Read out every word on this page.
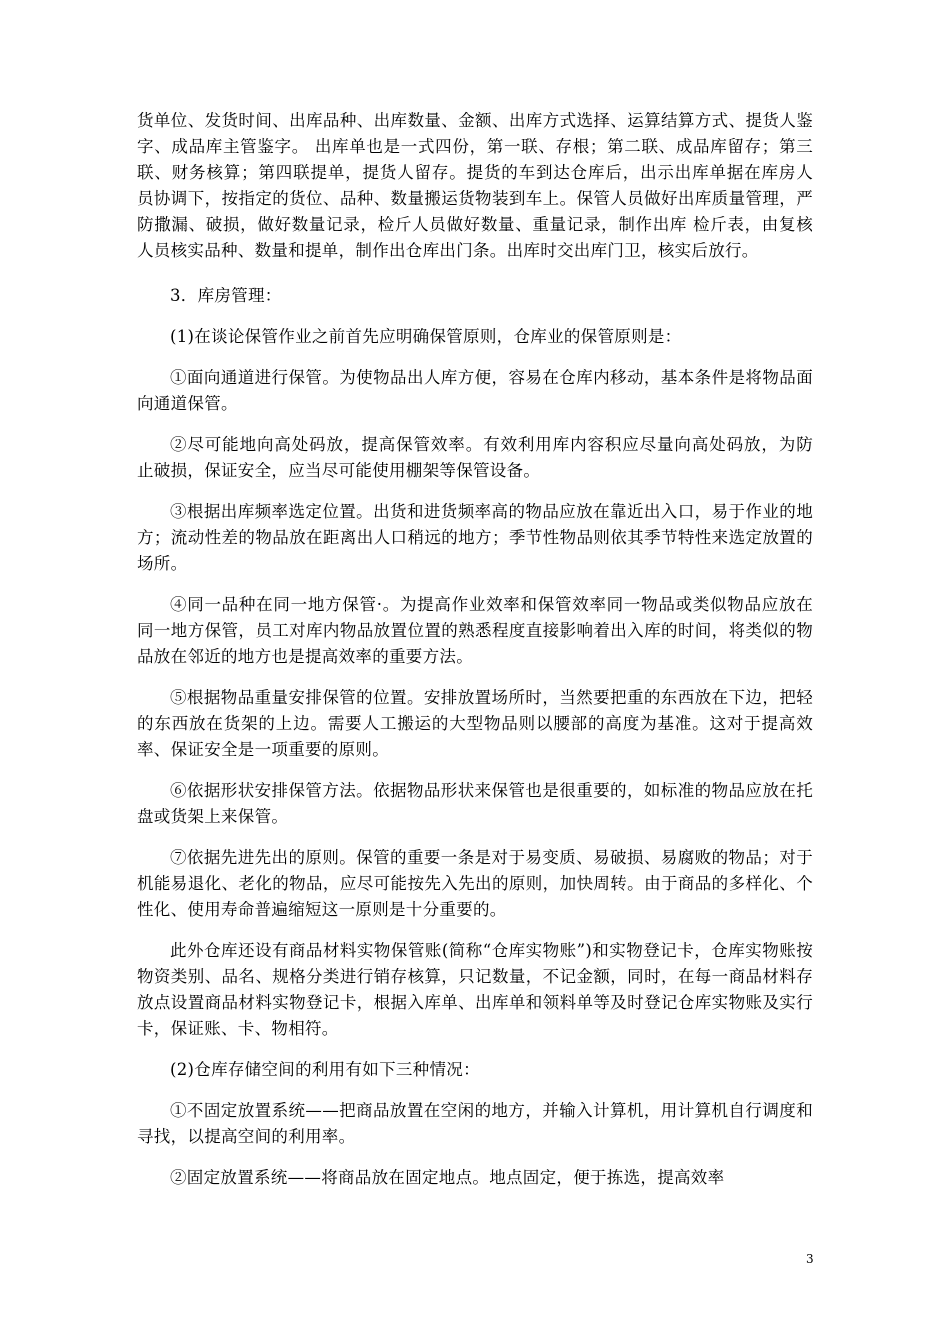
货单位、发货时间、出库品种、出库数量、金额、出库方式选择、运算结算方式、提货人鉴字、成品库主管鉴字。 出库单也是一式四份，第一联、存根；第二联、成品库留存；第三联、财务核算；第四联提单，提货人留存。提货的车到达仓库后，出示出库单据在库房人 员协调下，按指定的货位、品种、数量搬运货物装到车上。保管人员做好出库质量管理，严防撒漏、破损，做好数量记录，检斤人员做好数量、重量记录，制作出库 检斤表，由复核人员核实品种、数量和提单，制作出仓库出门条。出库时交出库门卫，核实后放行。

3．库房管理：

(1)在谈论保管作业之前首先应明确保管原则，仓库业的保管原则是：

①面向通道进行保管。为使物品出人库方便，容易在仓库内移动，基本条件是将物品面向通道保管。

②尽可能地向高处码放，提高保管效率。有效利用库内容积应尽量向高处码放，为防 止破损，保证安全，应当尽可能使用棚架等保管设备。

③根据出库频率选定位置。出货和进货频率高的物品应放在靠近出入口，易于作业的地方；流动性差的物品放在距离出人口稍远的地方；季节性物品则依其季节特性来选定放置的场所。

④同一品种在同一地方保管·。为提高作业效率和保管效率同一物品或类似物品应放在同一地方保管，员工对库内物品放置位置的熟悉程度直接影响着出入库的时间，将类似的物品放在邻近的地方也是提高效率的重要方法。

⑤根据物品重量安排保管的位置。安排放置场所时，当然要把重的东西放在下边，把轻的东西放在货架的上边。需要人工搬运的大型物品则以腰部的高度为基准。这对于提高效率、保证安全是一项重要的原则。

⑥依据形状安排保管方法。依据物品形状来保管也是很重要的，如标准的物品应放在托盘或货架上来保管。

⑦依据先进先出的原则。保管的重要一条是对于易变质、易破损、易腐败的物品；对于机能易退化、老化的物品，应尽可能按先入先出的原则，加快周转。由于商品的多样化、个性化、使用寿命普遍缩短这一原则是十分重要的。

此外仓库还设有商品材料实物保管账(简称“仓库实物账”)和实物登记卡，仓库实物账按物资类别、品名、规格分类进行销存核算，只记数量，不记金额，同时，在每一商品材料存放点设置商品材料实物登记卡，根据入库单、出库单和领料单等及时登记仓库实物账及实行卡，保证账、卡、物相符。

(2)仓库存储空间的利用有如下三种情况：

①不固定放置系统——把商品放置在空闲的地方，并输入计算机，用计算机自行调度和寻找，以提高空间的利用率。

②固定放置系统——将商品放在固定地点。地点固定，便于拣选，提高效率

3
